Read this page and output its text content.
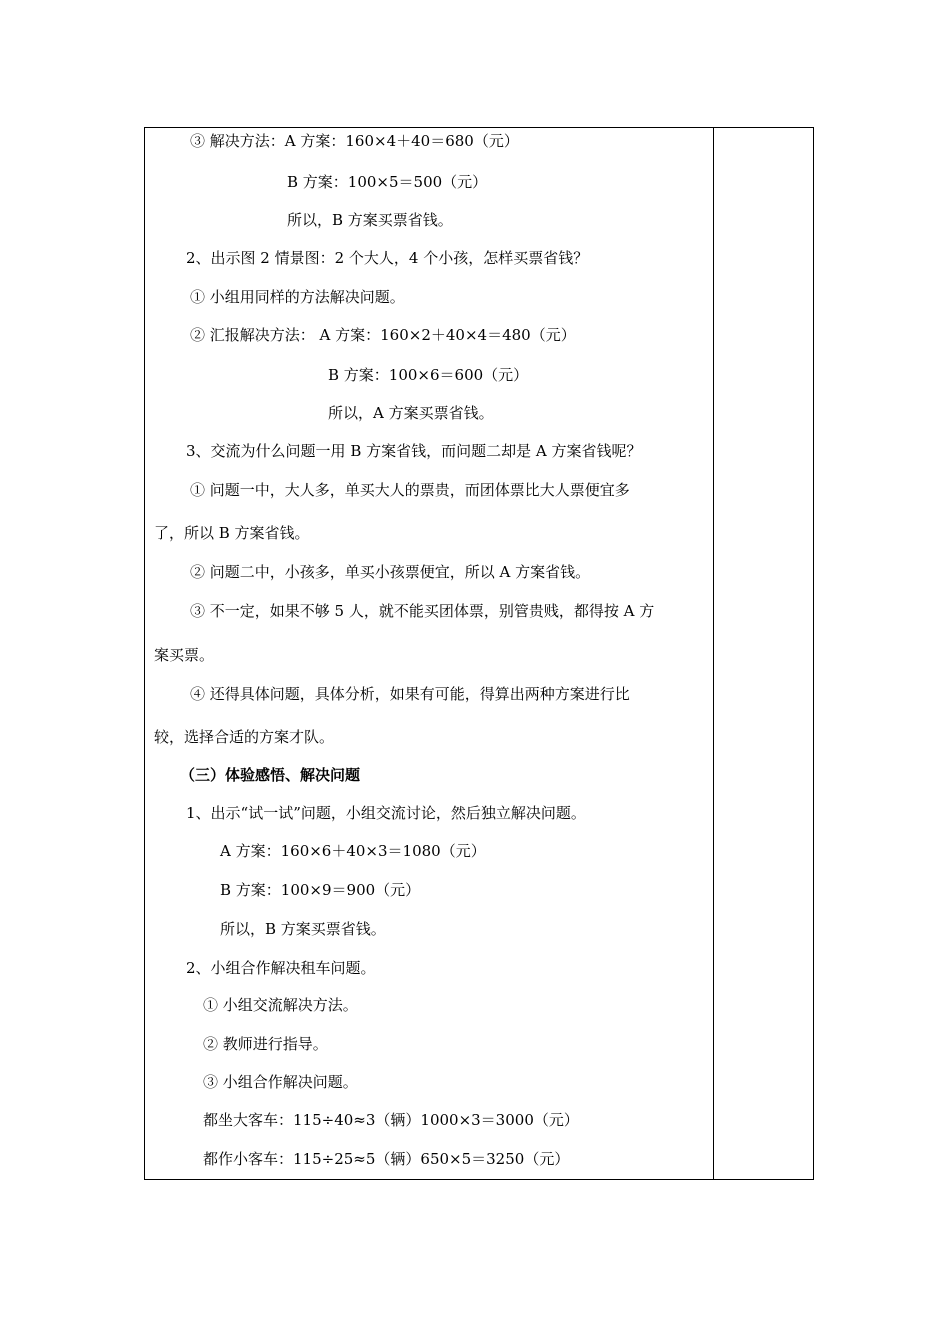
③ 解决方法：A 方案：160×4＋40＝680（元）
B 方案：100×5＝500（元）
所以，B 方案买票省钱。
2、出示图 2 情景图：2 个大人，4 个小孩，怎样买票省钱？
① 小组用同样的方法解决问题。
② 汇报解决方法： A 方案：160×2＋40×4＝480（元）
B 方案：100×6＝600（元）
所以，A 方案买票省钱。
3、交流为什么问题一用 B 方案省钱，而问题二却是 A 方案省钱呢？
① 问题一中，大人多，单买大人的票贵，而团体票比大人票便宜多
了，所以 B 方案省钱。
② 问题二中，小孩多，单买小孩票便宜，所以 A 方案省钱。
③ 不一定，如果不够 5 人，就不能买团体票，别管贵贱，都得按 A 方
案买票。
④ 还得具体问题，具体分析，如果有可能，得算出两种方案进行比
较，选择合适的方案才队。
（三）体验感悟、解决问题
1、出示“试一试”问题，小组交流讨论，然后独立解决问题。
A 方案：160×6＋40×3＝1080（元）
B 方案：100×9＝900（元）
所以，B 方案买票省钱。
2、小组合作解决租车问题。
① 小组交流解决方法。
② 教师进行指导。
③ 小组合作解决问题。
都坐大客车：115÷40≈3（辆）1000×3＝3000（元）
都作小客车：115÷25≈5（辆）650×5＝3250（元）
